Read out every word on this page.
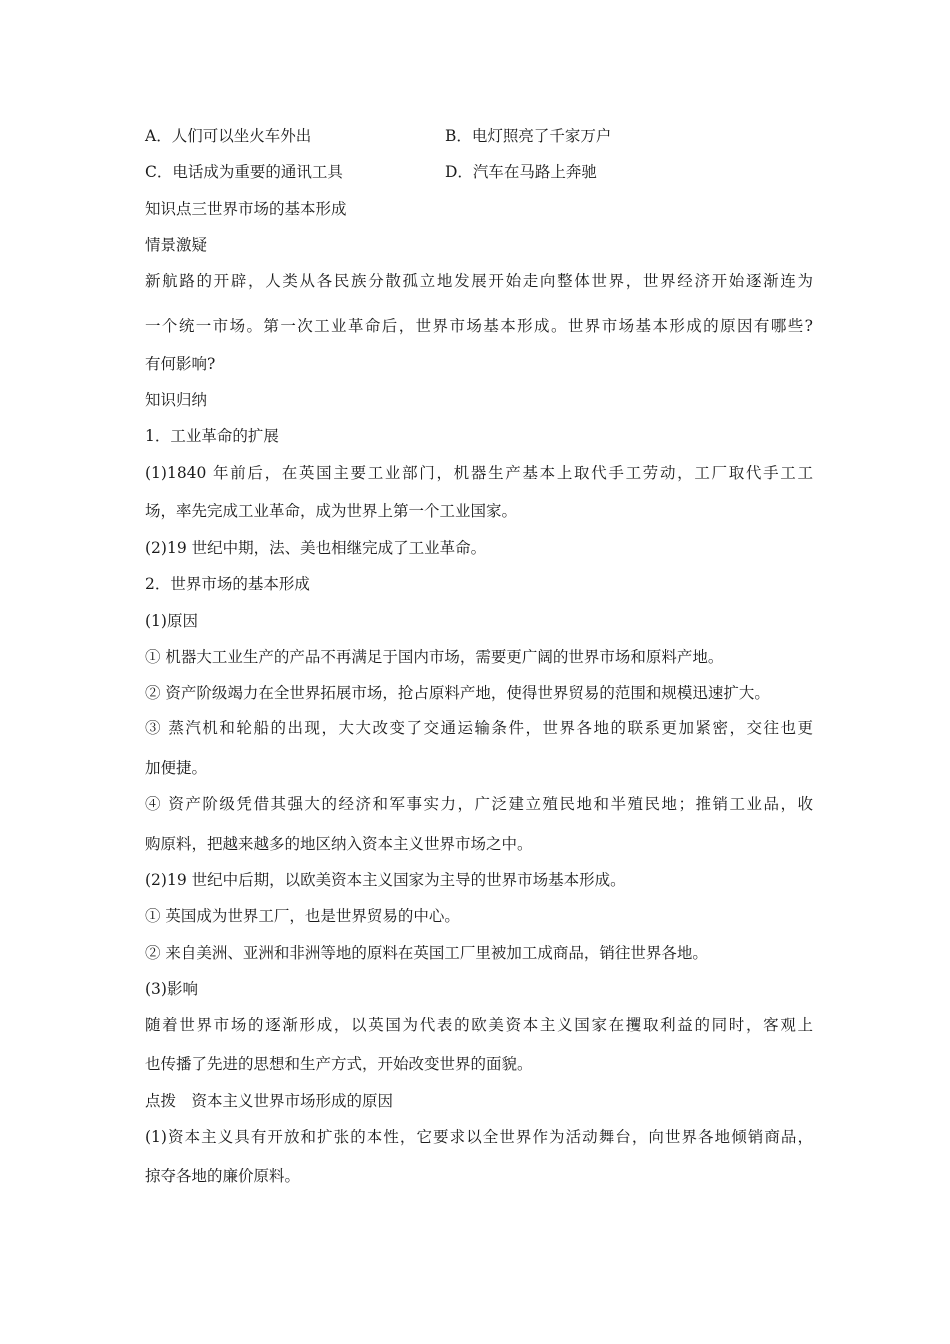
A．人们可以坐火车外出	B．电灯照亮了千家万户
C．电话成为重要的通讯工具	D．汽车在马路上奔驰
知识点三世界市场的基本形成
情景激疑
新航路的开辟，人类从各民族分散孤立地发展开始走向整体世界，世界经济开始逐渐连为
一个统一市场。第一次工业革命后，世界市场基本形成。世界市场基本形成的原因有哪些?
有何影响?
知识归纳
1．工业革命的扩展
(1)1840 年前后，在英国主要工业部门，机器生产基本上取代手工劳动，工厂取代手工工
场，率先完成工业革命，成为世界上第一个工业国家。
(2)19 世纪中期，法、美也相继完成了工业革命。
2．世界市场的基本形成
(1)原因
① 机器大工业生产的产品不再满足于国内市场，需要更广阔的世界市场和原料产地。
② 资产阶级竭力在全世界拓展市场，抢占原料产地，使得世界贸易的范围和规模迅速扩大。
③ 蒸汽机和轮船的出现，大大改变了交通运输条件，世界各地的联系更加紧密，交往也更
加便捷。
④ 资产阶级凭借其强大的经济和军事实力，广泛建立殖民地和半殖民地；推销工业品，收
购原料，把越来越多的地区纳入资本主义世界市场之中。
(2)19 世纪中后期，以欧美资本主义国家为主导的世界市场基本形成。
① 英国成为世界工厂，也是世界贸易的中心。
② 来自美洲、亚洲和非洲等地的原料在英国工厂里被加工成商品，销往世界各地。
(3)影响
随着世界市场的逐渐形成，以英国为代表的欧美资本主义国家在攫取利益的同时，客观上
也传播了先进的思想和生产方式，开始改变世界的面貌。
点拨　资本主义世界市场形成的原因
(1)资本主义具有开放和扩张的本性，它要求以全世界作为活动舞台，向世界各地倾销商品，
掠夺各地的廉价原料。
